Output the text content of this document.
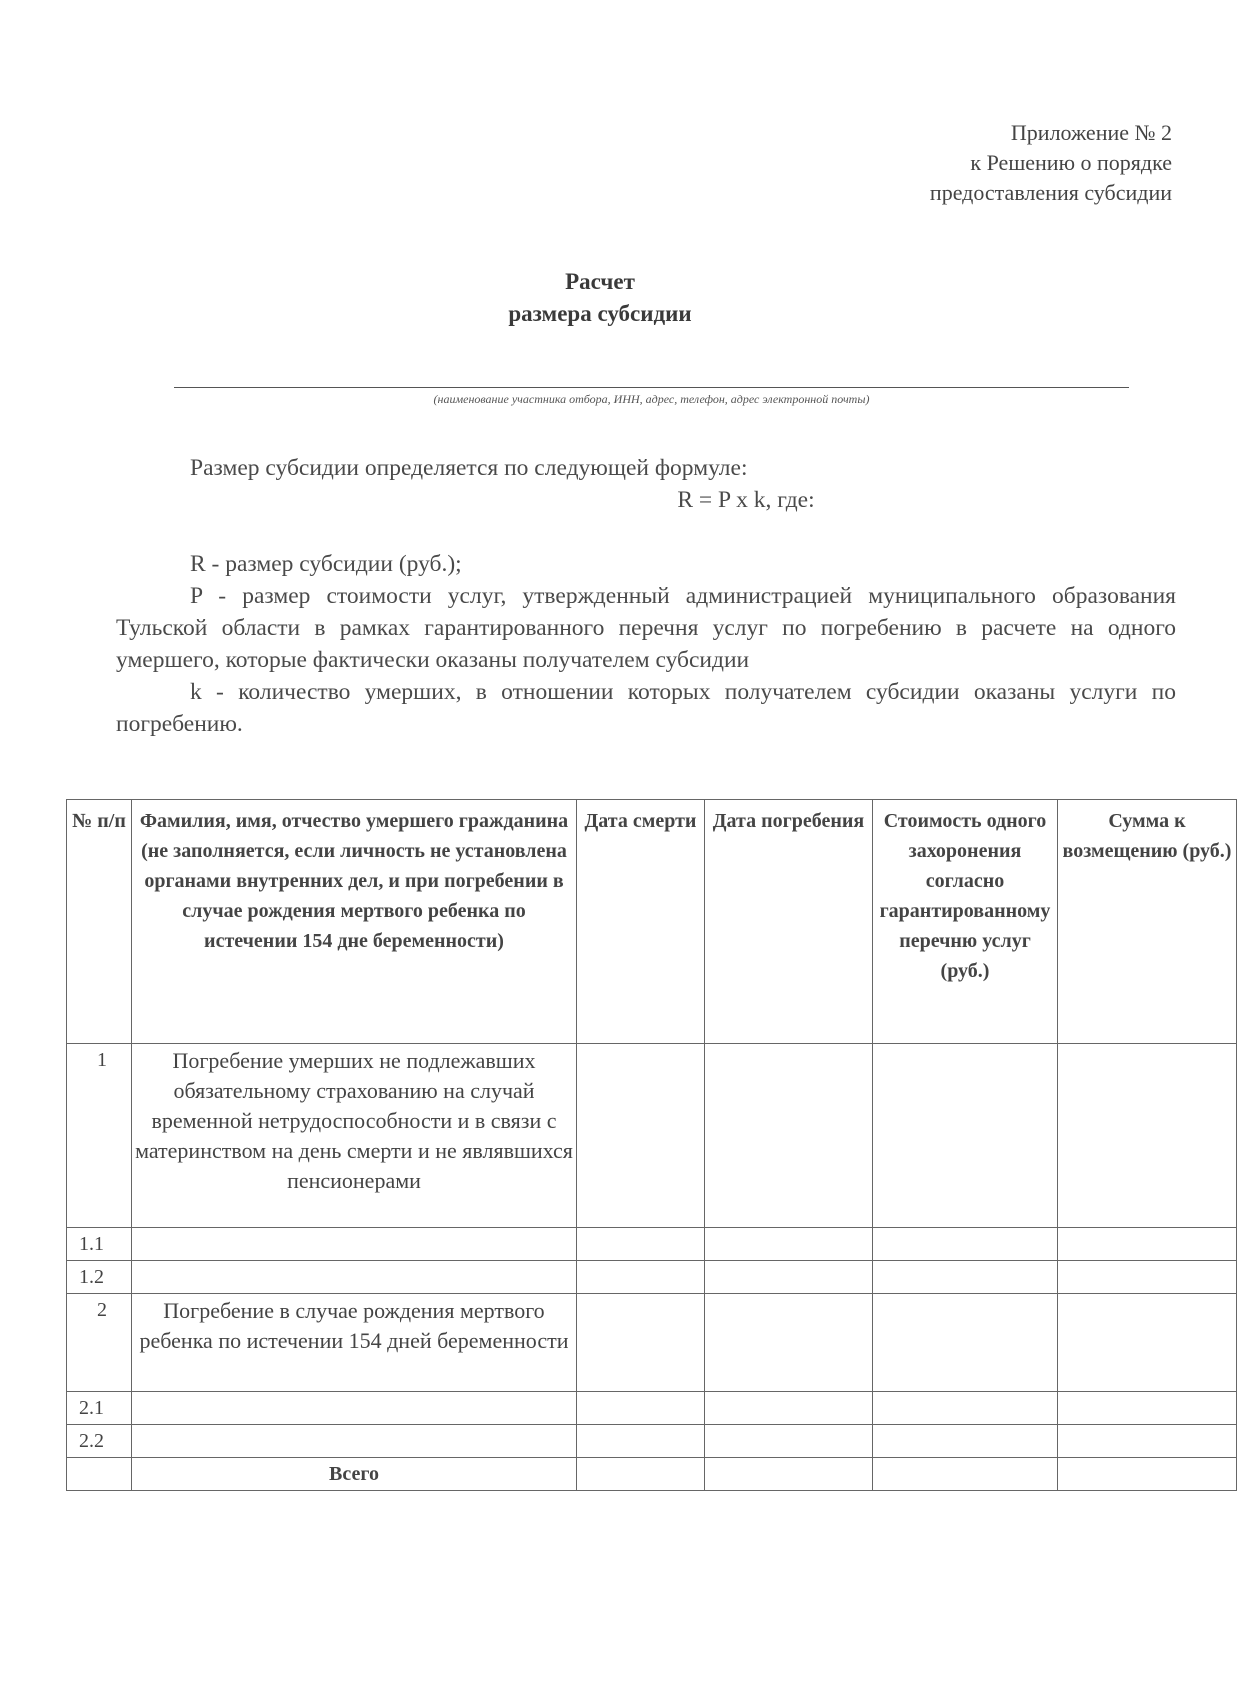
Приложение № 2
к Решению о порядке
предоставления субсидии
Расчет
размера субсидии
(наименование участника отбора, ИНН, адрес, телефон, адрес электронной почты)

Размер субсидии определяется по следующей формуле:

R = P x k, где:

R - размер субсидии (руб.);

P - размер стоимости услуг, утвержденный администрацией муниципального образования Тульской области в рамках гарантированного перечня услуг по погребению в расчете на одного умершего, которые фактически оказаны получателем субсидии

k - количество умерших, в отношении которых получателем субсидии оказаны услуги по погребению.

№ п/п	Фамилия, имя, отчество умершего гражданина (не заполняется, если личность не установлена органами внутренних дел, и при погребении в случае рождения мертвого ребенка по истечении 154 дне беременности)	Дата смерти	Дата погребения	Стоимость одного захоронения согласно гарантированному перечню услуг (руб.)	Сумма к возмещению (руб.)
1	Погребение умерших не подлежавших обязательному страхованию на случай временной нетрудоспособности и в связи с материнством на день смерти и не являвшихся пенсионерами				
1.1					
1.2					
2	Погребение в случае рождения мертвого ребенка по истечении 154 дней беременности				
2.1					
2.2					
	Всего				
